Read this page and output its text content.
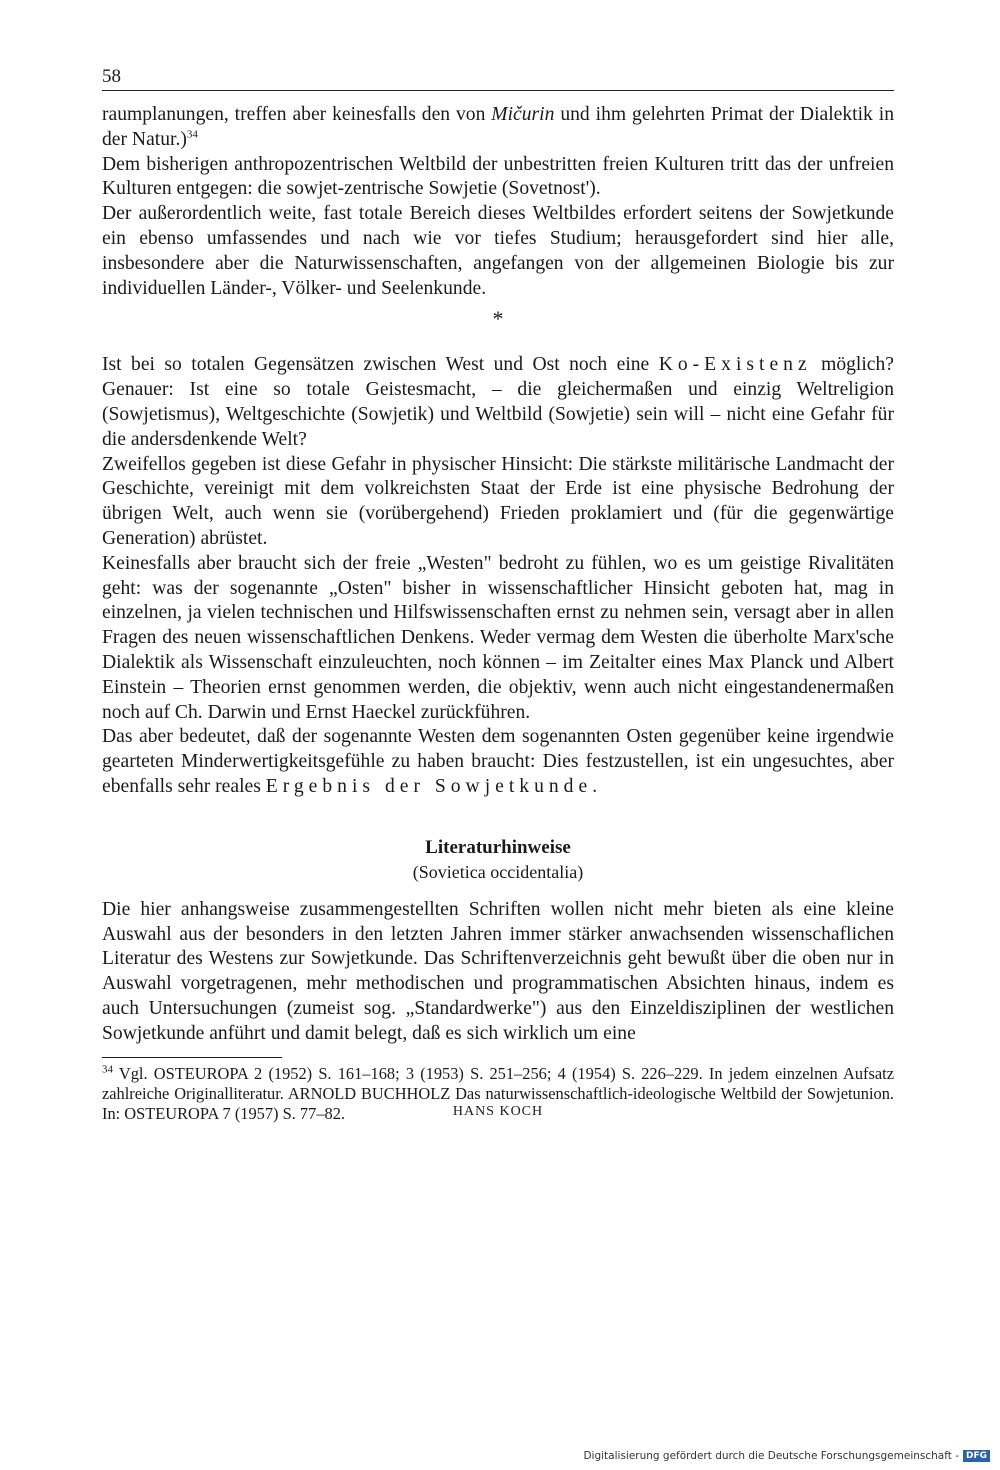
58
HANS KOCH

raumplanungen, treffen aber keinesfalls den von Mičurin und ihm gelehrten Primat der Dialektik in der Natur.)$^{34}$

Dem bisherigen anthropozentrischen Weltbild der unbestritten freien Kulturen tritt das der unfreien Kulturen entgegen: die sowjet-zentrische Sowjetie (Sovetnost').

Der außerordentlich weite, fast totale Bereich dieses Weltbildes erfordert seitens der Sowjetkunde ein ebenso umfassendes und nach wie vor tiefes Studium; herausgefordert sind hier alle, insbesondere aber die Naturwissenschaften, angefangen von der allgemeinen Biologie bis zur individuellen Länder-, Völker- und Seelenkunde.

*

Ist bei so totalen Gegensätzen zwischen West und Ost noch eine Ko-Existenz möglich? Genauer: Ist eine so totale Geistesmacht, – die gleichermaßen und einzig Weltreligion (Sowjetismus), Weltgeschichte (Sowjetik) und Weltbild (Sowjetie) sein will – nicht eine Gefahr für die andersdenkende Welt?

Zweifellos gegeben ist diese Gefahr in physischer Hinsicht: Die stärkste militärische Landmacht der Geschichte, vereinigt mit dem volkreichsten Staat der Erde ist eine physische Bedrohung der übrigen Welt, auch wenn sie (vorübergehend) Frieden proklamiert und (für die gegenwärtige Generation) abrüstet.

Keinesfalls aber braucht sich der freie „Westen" bedroht zu fühlen, wo es um geistige Rivalitäten geht: was der sogenannte „Osten" bisher in wissenschaftlicher Hinsicht geboten hat, mag in einzelnen, ja vielen technischen und Hilfswissenschaften ernst zu nehmen sein, versagt aber in allen Fragen des neuen wissenschaftlichen Denkens. Weder vermag dem Westen die überholte Marx'sche Dialektik als Wissenschaft einzuleuchten, noch können – im Zeitalter eines Max Planck und Albert Einstein – Theorien ernst genommen werden, die objektiv, wenn auch nicht eingestandenermaßen noch auf Ch. Darwin und Ernst Haeckel zurückführen.

Das aber bedeutet, daß der sogenannte Westen dem sogenannten Osten gegenüber keine irgendwie gearteten Minderwertigkeitsgefühle zu haben braucht: Dies festzustellen, ist ein ungesuchtes, aber ebenfalls sehr reales Ergebnis der Sowjetkunde.

Literaturhinweise
(Sovietica occidentalia)

Die hier anhangsweise zusammengestellten Schriften wollen nicht mehr bieten als eine kleine Auswahl aus der besonders in den letzten Jahren immer stärker anwachsenden wissenschaflichen Literatur des Westens zur Sowjetkunde. Das Schriftenverzeichnis geht bewußt über die oben nur in Auswahl vorgetragenen, mehr methodischen und programmatischen Absichten hinaus, indem es auch Untersuchungen (zumeist sog. „Standardwerke") aus den Einzeldisziplinen der westlichen Sowjetkunde anführt und damit belegt, daß es sich wirklich um eine

$^{34}$ Vgl. OSTEUROPA 2 (1952) S. 161–168; 3 (1953) S. 251–256; 4 (1954) S. 226–229. In jedem einzelnen Aufsatz zahlreiche Originalliteratur. ARNOLD BUCHHOLZ Das naturwissenschaftlich-ideologische Weltbild der Sowjetunion. In: OSTEUROPA 7 (1957) S. 77–82.
Digitalisierung gefördert durch die Deutsche Forschungsgemeinschaft - DFG
